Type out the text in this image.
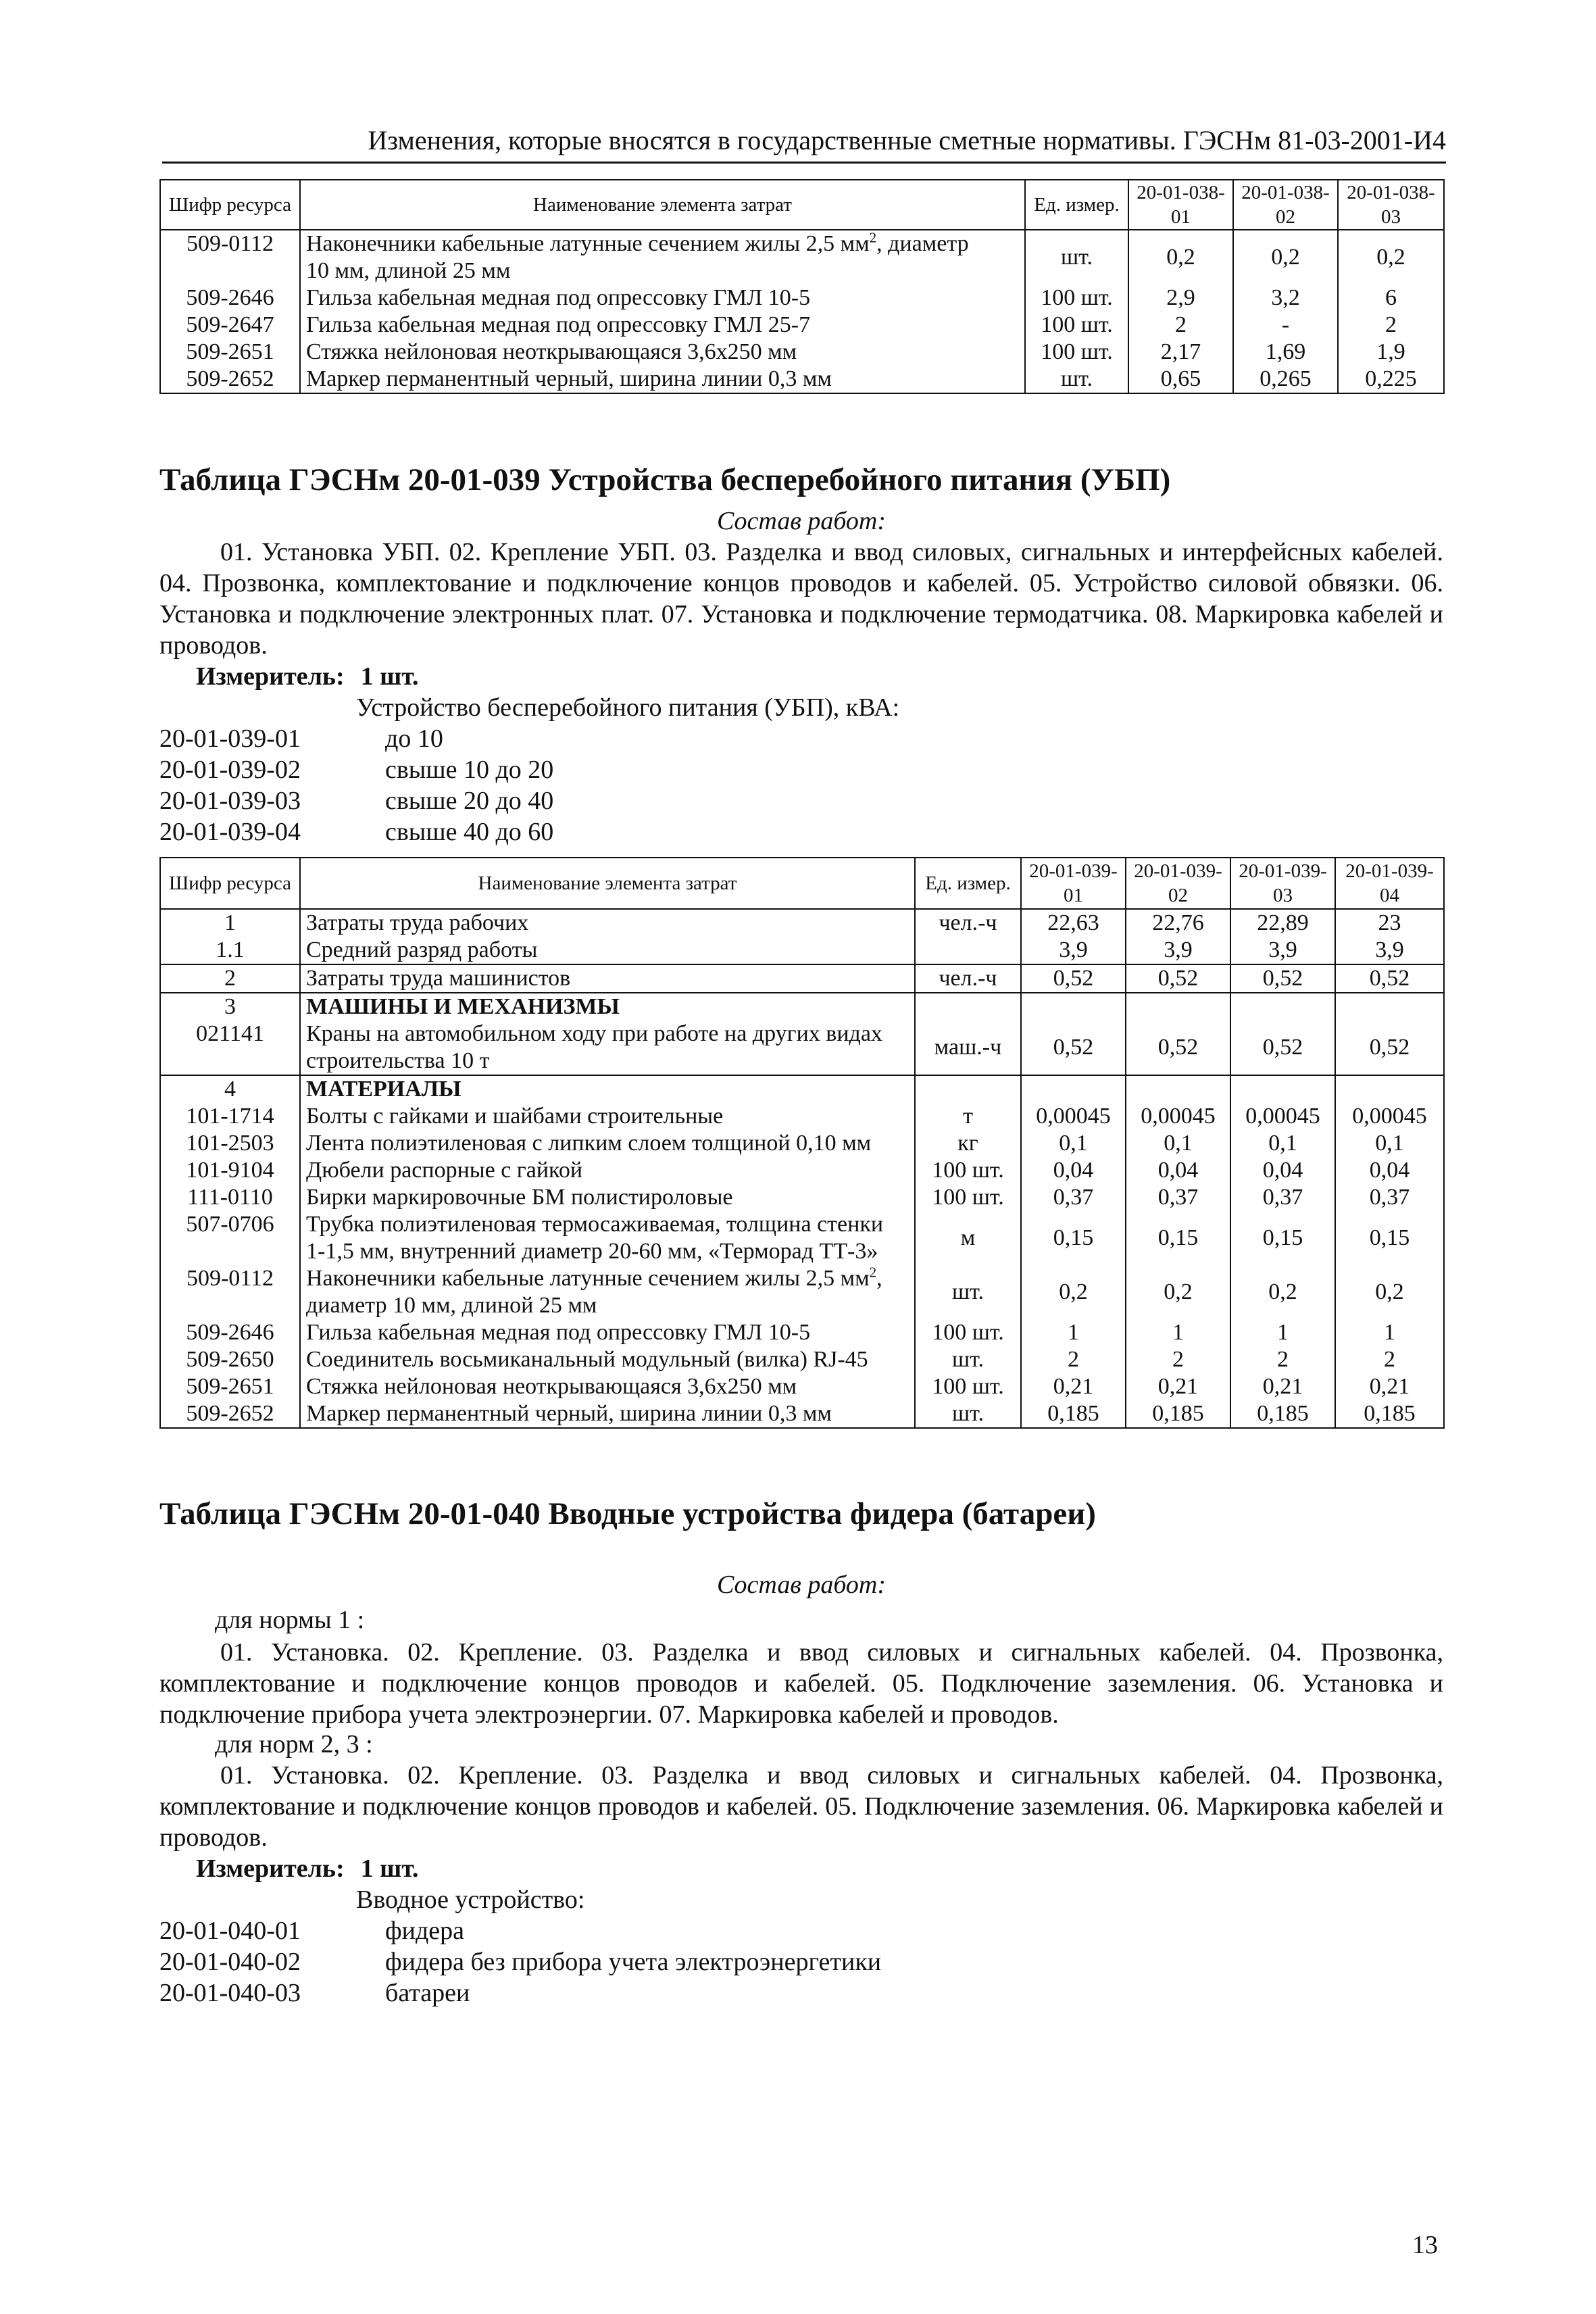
Изменения, которые вносятся в государственные сметные нормативы. ГЭСНм 81-03-2001-И4
Шифр ресурса	Наименование элемента затрат	Ед. измер.	20-01-038-01	20-01-038-02	20-01-038-03
509-0112	Наконечники кабельные латунные сечением жилы 2,5 $мм^2$, диаметр	шт.	0,2	0,2	0,2
	10 мм, длиной 25 мм				
509-2646	Гильза кабельная медная под опрессовку ГМЛ 10-5	100 шт.	2,9	3,2	6
509-2647	Гильза кабельная медная под опрессовку ГМЛ 25-7	100 шт.	2	-	2
509-2651	Стяжка нейлоновая неоткрывающаяся 3,6х250 мм	100 шт.	2,17	1,69	1,9
509-2652	Маркер перманентный черный, ширина линии 0,3 мм	шт.	0,65	0,265	0,225
Таблица ГЭСНм 20-01-039 Устройства бесперебойного питания (УБП)
Состав работ:
01. Установка УБП. 02. Крепление УБП. 03. Разделка и ввод силовых, сигнальных и интерфейсных кабелей. 04. Прозвонка, комплектование и подключение концов проводов и кабелей. 05. Устройство силовой обвязки. 06. Установка и подключение электронных плат. 07. Установка и подключение термодатчика. 08. Маркировка кабелей и проводов.
Измеритель: 1 шт.
Устройство бесперебойного питания (УБП), кВА:
20-01-039-01	до 10
20-01-039-02	свыше 10 до 20
20-01-039-03	свыше 20 до 40
20-01-039-04	свыше 40 до 60
Шифр ресурса	Наименование элемента затрат	Ед. измер.	20-01-039-01	20-01-039-02	20-01-039-03	20-01-039-04
1	Затраты труда рабочих	чел.-ч	22,63	22,76	22,89	23
1.1	Средний разряд работы		3,9	3,9	3,9	3,9
2	Затраты труда машинистов	чел.-ч	0,52	0,52	0,52	0,52
3	МАШИНЫ И МЕХАНИЗМЫ					
021141	Краны на автомобильном ходу при работе на других видах	маш.-ч	0,52	0,52	0,52	0,52
	строительства 10 т					
4	МАТЕРИАЛЫ					
101-1714	Болты с гайками и шайбами строительные	т	0,00045	0,00045	0,00045	0,00045
101-2503	Лента полиэтиленовая с липким слоем толщиной 0,10 мм	кг	0,1	0,1	0,1	0,1
101-9104	Дюбели распорные с гайкой	100 шт.	0,04	0,04	0,04	0,04
111-0110	Бирки маркировочные БМ полистироловые	100 шт.	0,37	0,37	0,37	0,37
507-0706	Трубка полиэтиленовая термосаживаемая, толщина стенки	м	0,15	0,15	0,15	0,15
	1-1,5 мм, внутренний диаметр 20-60 мм, «Терморад ТТ-3»					
509-0112	Наконечники кабельные латунные сечением жилы 2,5 $мм^2$,	шт.	0,2	0,2	0,2	0,2
	диаметр 10 мм, длиной 25 мм					
509-2646	Гильза кабельная медная под опрессовку ГМЛ 10-5	100 шт.	1	1	1	1
509-2650	Соединитель восьмиканальный модульный (вилка) RJ-45	шт.	2	2	2	2
509-2651	Стяжка нейлоновая неоткрывающаяся 3,6х250 мм	100 шт.	0,21	0,21	0,21	0,21
509-2652	Маркер перманентный черный, ширина линии 0,3 мм	шт.	0,185	0,185	0,185	0,185
Таблица ГЭСНм 20-01-040 Вводные устройства фидера (батареи)
Состав работ:
для нормы 1 :
01. Установка. 02. Крепление. 03. Разделка и ввод силовых и сигнальных кабелей. 04. Прозвонка, комплектование и подключение концов проводов и кабелей. 05. Подключение заземления. 06. Установка и подключение прибора учета электроэнергии. 07. Маркировка кабелей и проводов.
для норм 2, 3 :
01. Установка. 02. Крепление. 03. Разделка и ввод силовых и сигнальных кабелей. 04. Прозвонка, комплектование и подключение концов проводов и кабелей. 05. Подключение заземления. 06. Маркировка кабелей и проводов.
Измеритель: 1 шт.
Вводное устройство:
20-01-040-01	фидера
20-01-040-02	фидера без прибора учета электроэнергетики
20-01-040-03	батареи
13
